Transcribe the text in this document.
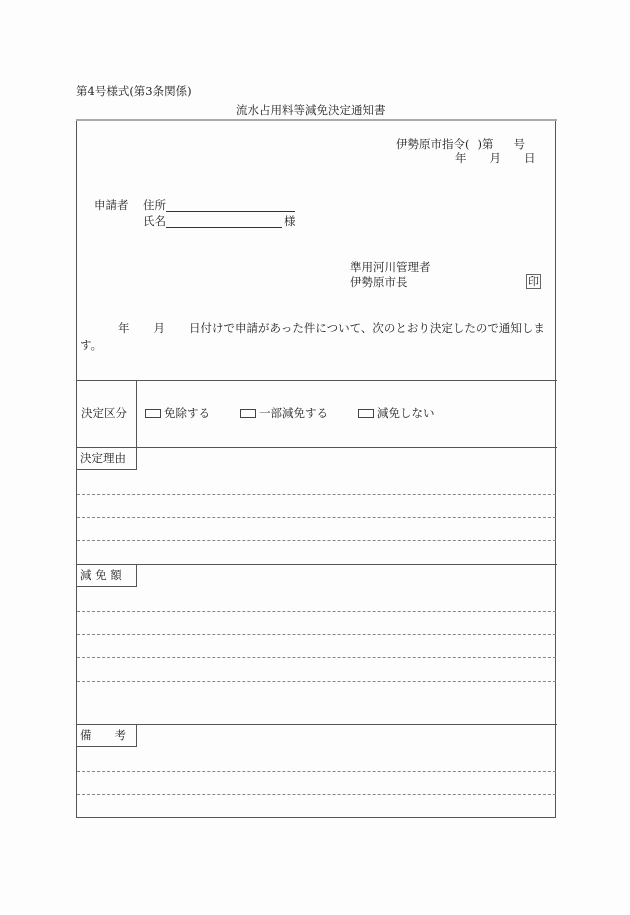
第4号様式(第3条関係)
流水占用料等減免決定通知書
伊勢原市指令( )第 号
年 月 日
申請者 住所
氏名	様
準用河川管理者
伊勢原市長	印
年 月 日付けで申請があった件について、次のとおり決定したので通知しま
す。
決定区分	免除する	一部減免する	減免しない
決定理由
減 免 額
備　　考
